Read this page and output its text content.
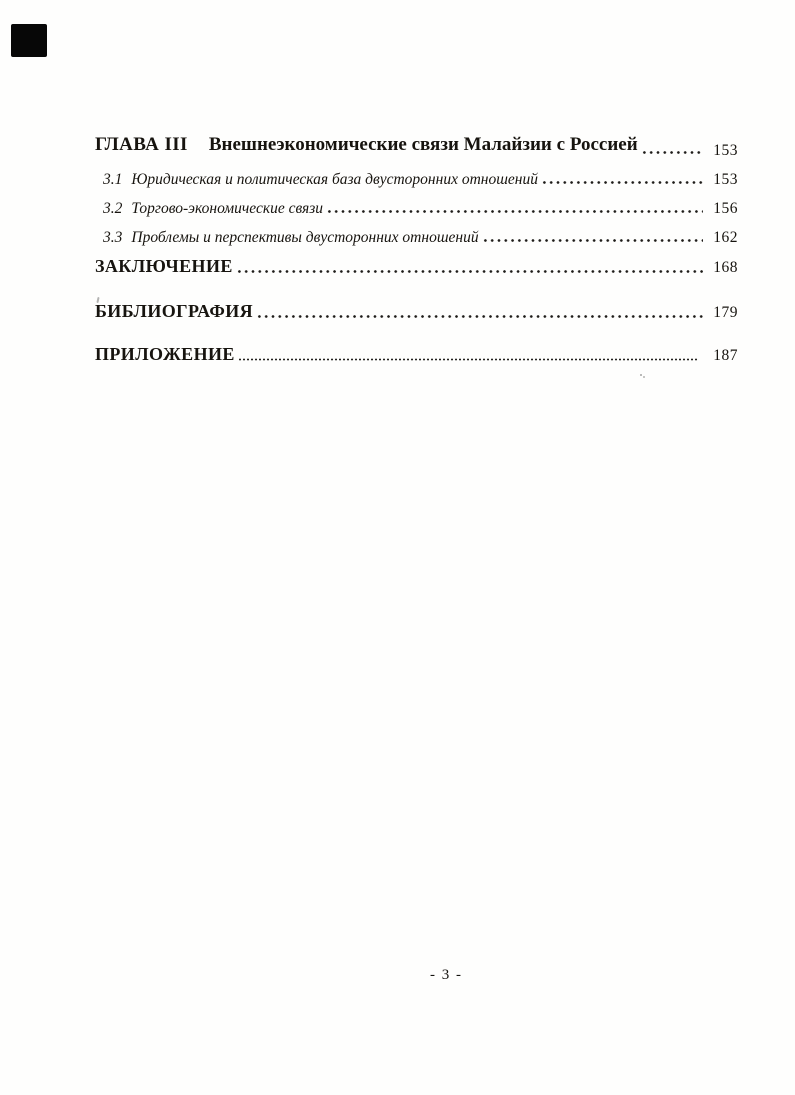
ГЛАВА III Внешнеэкономические связи Малайзии с Россией	153
3.1 Юридическая и политическая база двусторонних отношений	153
3.2 Торгово-экономические связи	156
3.3 Проблемы и перспективы двусторонних отношений	162
ЗАКЛЮЧЕНИЕ	168
БИБЛИОГРАФИЯ	179
ПРИЛОЖЕНИЕ	187
- 3 -
